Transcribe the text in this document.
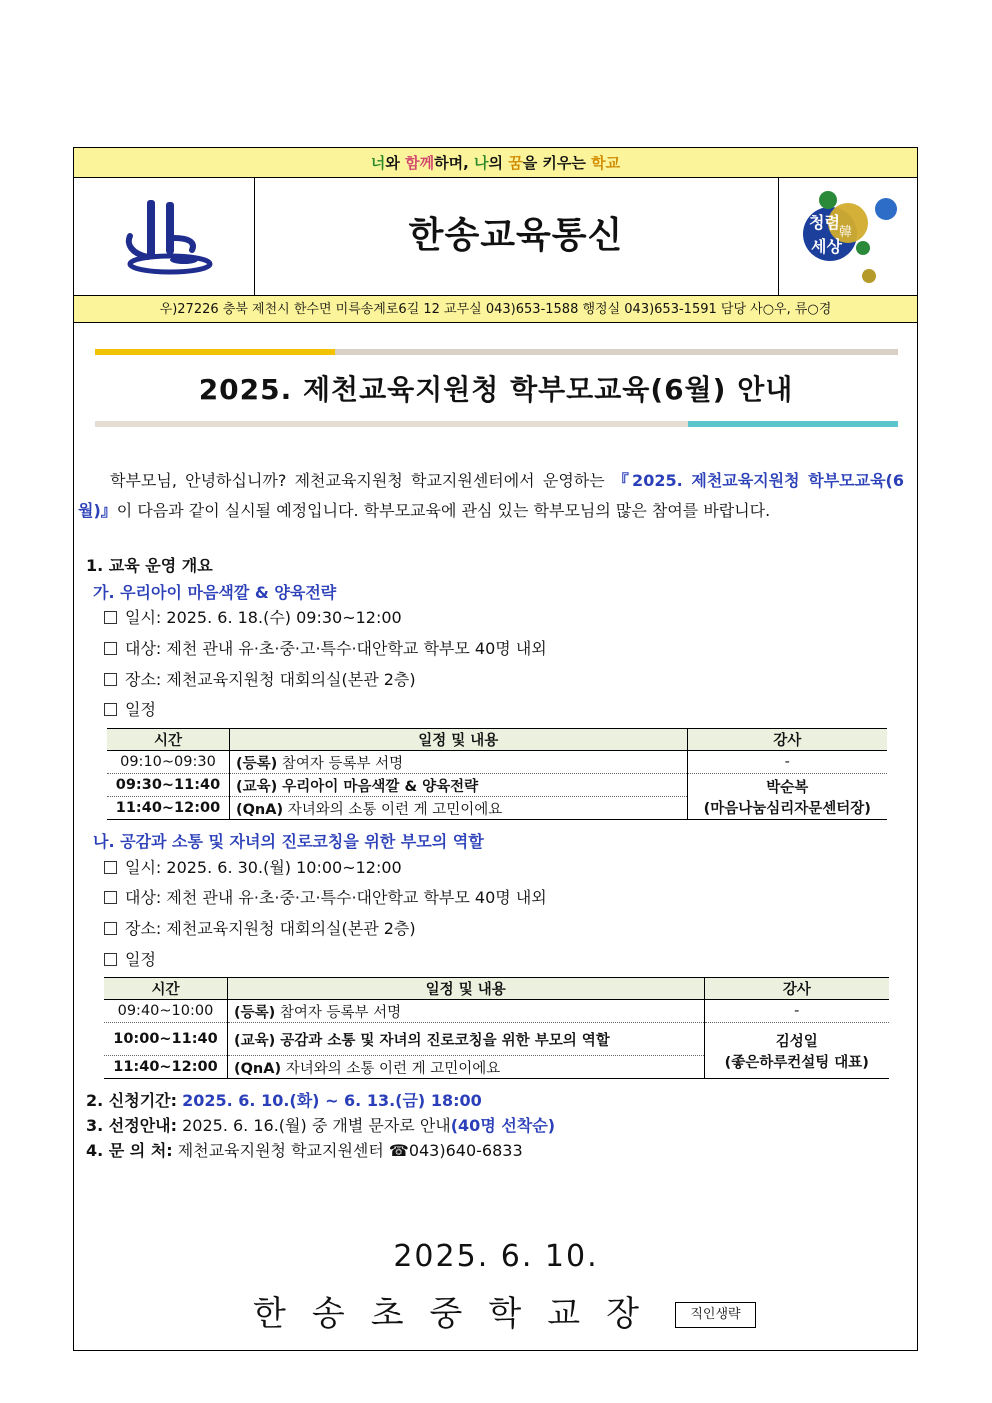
너와 함께하며, 나의 꿈을 키우는 학교
한송교육통신	청렴
韓
세상
우)27226 충북 제천시 한수면 미륵송계로6길 12 교무실 043)653-1588 행정실 043)653-1591 담당 사○우, 류○경
2025. 제천교육지원청 학부모교육(6월) 안내
학부모님, 안녕하십니까? 제천교육지원청 학교지원센터에서 운영하는 『2025. 제천교육지원청 학부모교육(6월)』이 다음과 같이 실시될 예정입니다. 학부모교육에 관심 있는 학부모님의 많은 참여를 바랍니다.
1. 교육 운영 개요
가. 우리아이 마음색깔 & 양육전략
일시: 2025. 6. 18.(수) 09:30~12:00
대상: 제천 관내 유·초·중·고·특수·대안학교 학부모 40명 내외
장소: 제천교육지원청 대회의실(본관 2층)
일정
시간	일정 및 내용	강사
09:10~09:30	(등록) 참여자 등록부 서명	-
09:30~11:40	(교육) 우리아이 마음색깔 & 양육전략	박순복
(마음나눔심리자문센터장)

11:40~12:00	(QnA) 자녀와의 소통 이런 게 고민이에요	
나. 공감과 소통 및 자녀의 진로코칭을 위한 부모의 역할
일시: 2025. 6. 30.(월) 10:00~12:00
대상: 제천 관내 유·초·중·고·특수·대안학교 학부모 40명 내외
장소: 제천교육지원청 대회의실(본관 2층)
일정
시간	일정 및 내용	강사
09:40~10:00	(등록) 참여자 등록부 서명	-
10:00~11:40	(교육) 공감과 소통 및 자녀의 진로코칭을 위한 부모의 역할	김성일
(좋은하루컨설팅 대표)

11:40~12:00	(QnA) 자녀와의 소통 이런 게 고민이에요	
2. 신청기간: 2025. 6. 10.(화) ~ 6. 13.(금) 18:00
3. 선정안내: 2025. 6. 16.(월) 중 개별 문자로 안내(40명 선착순)
4. 문 의 처: 제천교육지원청 학교지원센터 ☎043)640-6833
2025. 6. 10.
한송초중학교장	직인생략
